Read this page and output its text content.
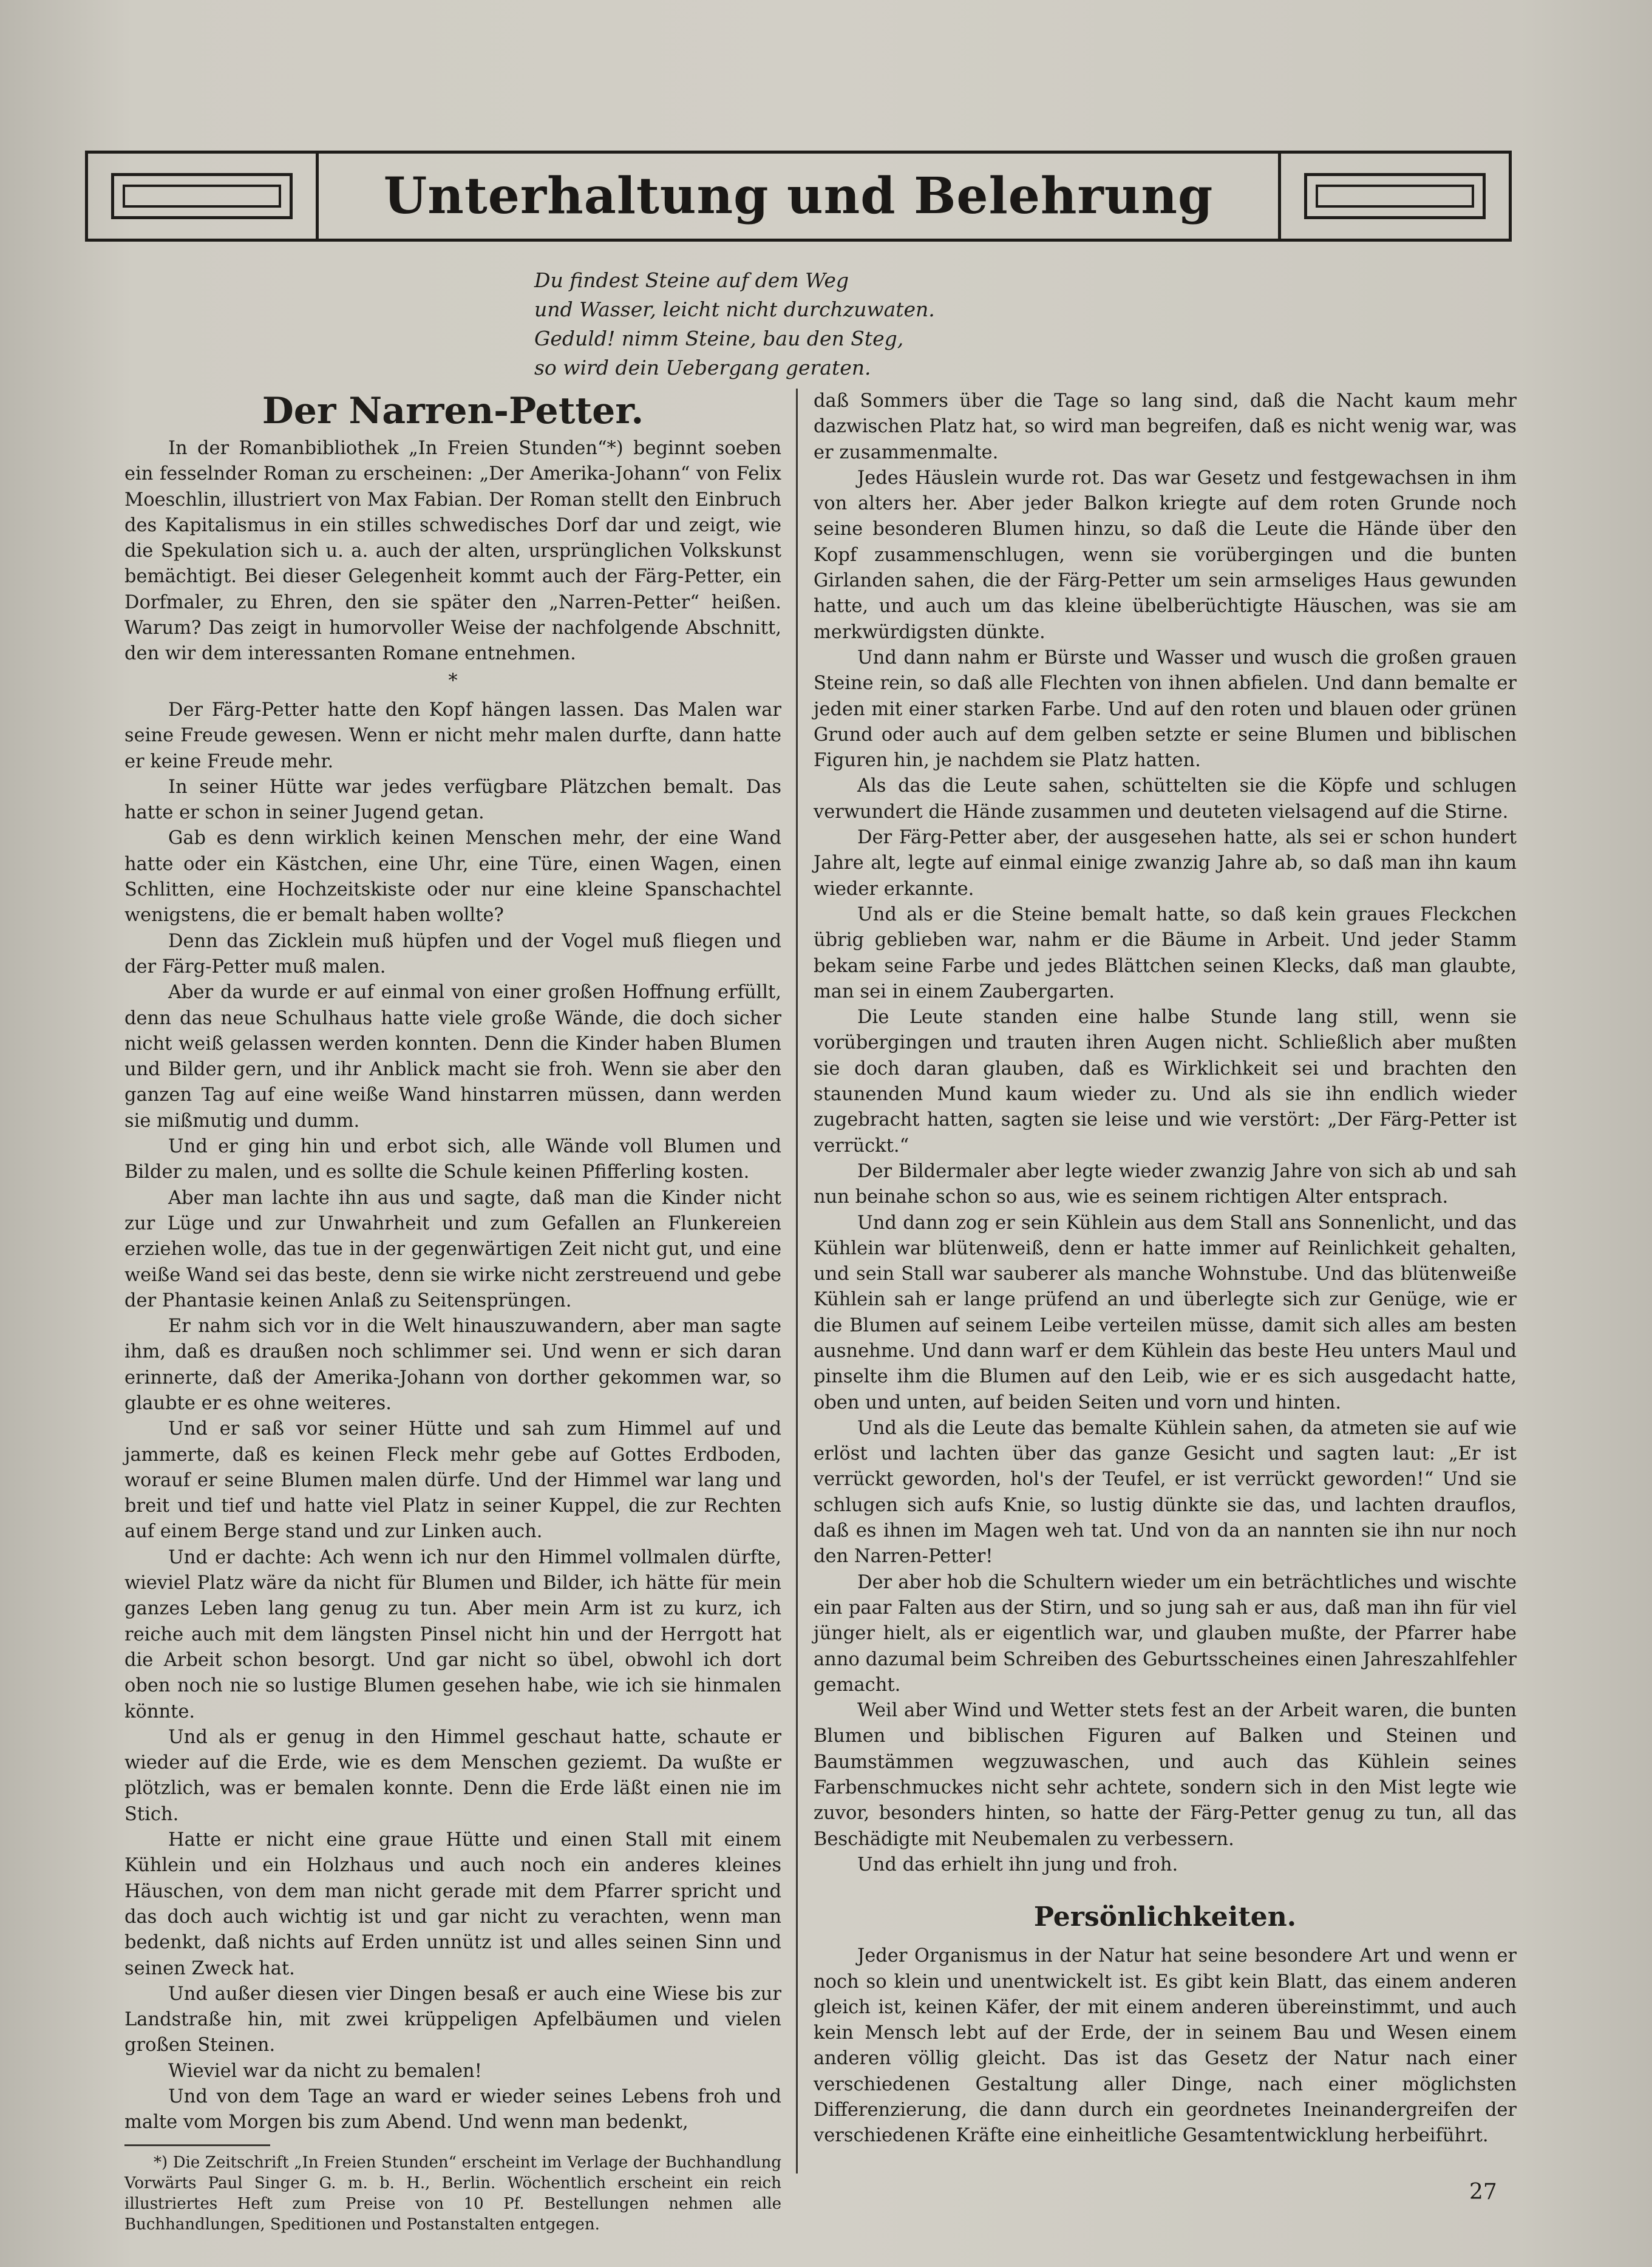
Unterhaltung und Belehrung
Du findest Steine auf dem Weg
und Wasser, leicht nicht durchzuwaten.
Geduld! nimm Steine, bau den Steg,
so wird dein Uebergang geraten.
Der Narren-Petter.

In der Romanbibliothek „In Freien Stunden“*) beginnt soeben ein fesselnder Roman zu erscheinen: „Der Amerika-Johann“ von Felix Moeschlin, illustriert von Max Fabian. Der Roman stellt den Einbruch des Kapitalismus in ein stilles schwedisches Dorf dar und zeigt, wie die Spekulation sich u. a. auch der alten, ursprünglichen Volkskunst bemächtigt. Bei dieser Gelegenheit kommt auch der Färg-Petter, ein Dorfmaler, zu Ehren, den sie später den „Narren-Petter“ heißen. Warum? Das zeigt in humorvoller Weise der nachfolgende Abschnitt, den wir dem interessanten Romane entnehmen.

*

Der Färg-Petter hatte den Kopf hängen lassen. Das Malen war seine Freude gewesen. Wenn er nicht mehr malen durfte, dann hatte er keine Freude mehr.

In seiner Hütte war jedes verfügbare Plätzchen bemalt. Das hatte er schon in seiner Jugend getan.

Gab es denn wirklich keinen Menschen mehr, der eine Wand hatte oder ein Kästchen, eine Uhr, eine Türe, einen Wagen, einen Schlitten, eine Hochzeitskiste oder nur eine kleine Spanschachtel wenigstens, die er bemalt haben wollte?

Denn das Zicklein muß hüpfen und der Vogel muß fliegen und der Färg-Petter muß malen.

Aber da wurde er auf einmal von einer großen Hoffnung erfüllt, denn das neue Schulhaus hatte viele große Wände, die doch sicher nicht weiß gelassen werden konnten. Denn die Kinder haben Blumen und Bilder gern, und ihr Anblick macht sie froh. Wenn sie aber den ganzen Tag auf eine weiße Wand hinstarren müssen, dann werden sie mißmutig und dumm.

Und er ging hin und erbot sich, alle Wände voll Blumen und Bilder zu malen, und es sollte die Schule keinen Pfifferling kosten.

Aber man lachte ihn aus und sagte, daß man die Kinder nicht zur Lüge und zur Unwahrheit und zum Gefallen an Flunkereien erziehen wolle, das tue in der gegenwärtigen Zeit nicht gut, und eine weiße Wand sei das beste, denn sie wirke nicht zerstreuend und gebe der Phantasie keinen Anlaß zu Seitensprüngen.

Er nahm sich vor in die Welt hinauszuwandern, aber man sagte ihm, daß es draußen noch schlimmer sei. Und wenn er sich daran erinnerte, daß der Amerika-Johann von dorther gekommen war, so glaubte er es ohne weiteres.

Und er saß vor seiner Hütte und sah zum Himmel auf und jammerte, daß es keinen Fleck mehr gebe auf Gottes Erdboden, worauf er seine Blumen malen dürfe. Und der Himmel war lang und breit und tief und hatte viel Platz in seiner Kuppel, die zur Rechten auf einem Berge stand und zur Linken auch.

Und er dachte: Ach wenn ich nur den Himmel vollmalen dürfte, wieviel Platz wäre da nicht für Blumen und Bilder, ich hätte für mein ganzes Leben lang genug zu tun. Aber mein Arm ist zu kurz, ich reiche auch mit dem längsten Pinsel nicht hin und der Herrgott hat die Arbeit schon besorgt. Und gar nicht so übel, obwohl ich dort oben noch nie so lustige Blumen gesehen habe, wie ich sie hinmalen könnte.

Und als er genug in den Himmel geschaut hatte, schaute er wieder auf die Erde, wie es dem Menschen geziemt. Da wußte er plötzlich, was er bemalen konnte. Denn die Erde läßt einen nie im Stich.

Hatte er nicht eine graue Hütte und einen Stall mit einem Kühlein und ein Holzhaus und auch noch ein anderes kleines Häuschen, von dem man nicht gerade mit dem Pfarrer spricht und das doch auch wichtig ist und gar nicht zu verachten, wenn man bedenkt, daß nichts auf Erden unnütz ist und alles seinen Sinn und seinen Zweck hat.

Und außer diesen vier Dingen besaß er auch eine Wiese bis zur Landstraße hin, mit zwei krüppeligen Apfelbäumen und vielen großen Steinen.

Wieviel war da nicht zu bemalen!

Und von dem Tage an ward er wieder seines Lebens froh und malte vom Morgen bis zum Abend. Und wenn man bedenkt,

*) Die Zeitschrift „In Freien Stunden“ erscheint im Verlage der Buchhandlung Vorwärts Paul Singer G. m. b. H., Berlin. Wöchentlich erscheint ein reich illustriertes Heft zum Preise von 10 Pf. Bestellungen nehmen alle Buchhandlungen, Speditionen und Postanstalten entgegen.

daß Sommers über die Tage so lang sind, daß die Nacht kaum mehr dazwischen Platz hat, so wird man begreifen, daß es nicht wenig war, was er zusammenmalte.

Jedes Häuslein wurde rot. Das war Gesetz und festgewachsen in ihm von alters her. Aber jeder Balkon kriegte auf dem roten Grunde noch seine besonderen Blumen hinzu, so daß die Leute die Hände über den Kopf zusammenschlugen, wenn sie vorübergingen und die bunten Girlanden sahen, die der Färg-Petter um sein armseliges Haus gewunden hatte, und auch um das kleine übelberüchtigte Häuschen, was sie am merkwürdigsten dünkte.

Und dann nahm er Bürste und Wasser und wusch die großen grauen Steine rein, so daß alle Flechten von ihnen abfielen. Und dann bemalte er jeden mit einer starken Farbe. Und auf den roten und blauen oder grünen Grund oder auch auf dem gelben setzte er seine Blumen und biblischen Figuren hin, je nachdem sie Platz hatten.

Als das die Leute sahen, schüttelten sie die Köpfe und schlugen verwundert die Hände zusammen und deuteten vielsagend auf die Stirne.

Der Färg-Petter aber, der ausgesehen hatte, als sei er schon hundert Jahre alt, legte auf einmal einige zwanzig Jahre ab, so daß man ihn kaum wieder erkannte.

Und als er die Steine bemalt hatte, so daß kein graues Fleckchen übrig geblieben war, nahm er die Bäume in Arbeit. Und jeder Stamm bekam seine Farbe und jedes Blättchen seinen Klecks, daß man glaubte, man sei in einem Zaubergarten.

Die Leute standen eine halbe Stunde lang still, wenn sie vorübergingen und trauten ihren Augen nicht. Schließlich aber mußten sie doch daran glauben, daß es Wirklichkeit sei und brachten den staunenden Mund kaum wieder zu. Und als sie ihn endlich wieder zugebracht hatten, sagten sie leise und wie verstört: „Der Färg-Petter ist verrückt.“

Der Bildermaler aber legte wieder zwanzig Jahre von sich ab und sah nun beinahe schon so aus, wie es seinem richtigen Alter entsprach.

Und dann zog er sein Kühlein aus dem Stall ans Sonnenlicht, und das Kühlein war blütenweiß, denn er hatte immer auf Reinlichkeit gehalten, und sein Stall war sauberer als manche Wohnstube. Und das blütenweiße Kühlein sah er lange prüfend an und überlegte sich zur Genüge, wie er die Blumen auf seinem Leibe verteilen müsse, damit sich alles am besten ausnehme. Und dann warf er dem Kühlein das beste Heu unters Maul und pinselte ihm die Blumen auf den Leib, wie er es sich ausgedacht hatte, oben und unten, auf beiden Seiten und vorn und hinten.

Und als die Leute das bemalte Kühlein sahen, da atmeten sie auf wie erlöst und lachten über das ganze Gesicht und sagten laut: „Er ist verrückt geworden, hol's der Teufel, er ist verrückt geworden!“ Und sie schlugen sich aufs Knie, so lustig dünkte sie das, und lachten drauflos, daß es ihnen im Magen weh tat. Und von da an nannten sie ihn nur noch den Narren-Petter!

Der aber hob die Schultern wieder um ein beträchtliches und wischte ein paar Falten aus der Stirn, und so jung sah er aus, daß man ihn für viel jünger hielt, als er eigentlich war, und glauben mußte, der Pfarrer habe anno dazumal beim Schreiben des Geburtsscheines einen Jahreszahlfehler gemacht.

Weil aber Wind und Wetter stets fest an der Arbeit waren, die bunten Blumen und biblischen Figuren auf Balken und Steinen und Baumstämmen wegzuwaschen, und auch das Kühlein seines Farbenschmuckes nicht sehr achtete, sondern sich in den Mist legte wie zuvor, besonders hinten, so hatte der Färg-Petter genug zu tun, all das Beschädigte mit Neubemalen zu verbessern.

Und das erhielt ihn jung und froh.

Persönlichkeiten.

Jeder Organismus in der Natur hat seine besondere Art und wenn er noch so klein und unentwickelt ist. Es gibt kein Blatt, das einem anderen gleich ist, keinen Käfer, der mit einem anderen übereinstimmt, und auch kein Mensch lebt auf der Erde, der in seinem Bau und Wesen einem anderen völlig gleicht. Das ist das Gesetz der Natur nach einer verschiedenen Gestaltung aller Dinge, nach einer möglichsten Differenzierung, die dann durch ein geordnetes Ineinandergreifen der verschiedenen Kräfte eine einheitliche Gesamtentwicklung herbeiführt.

27
